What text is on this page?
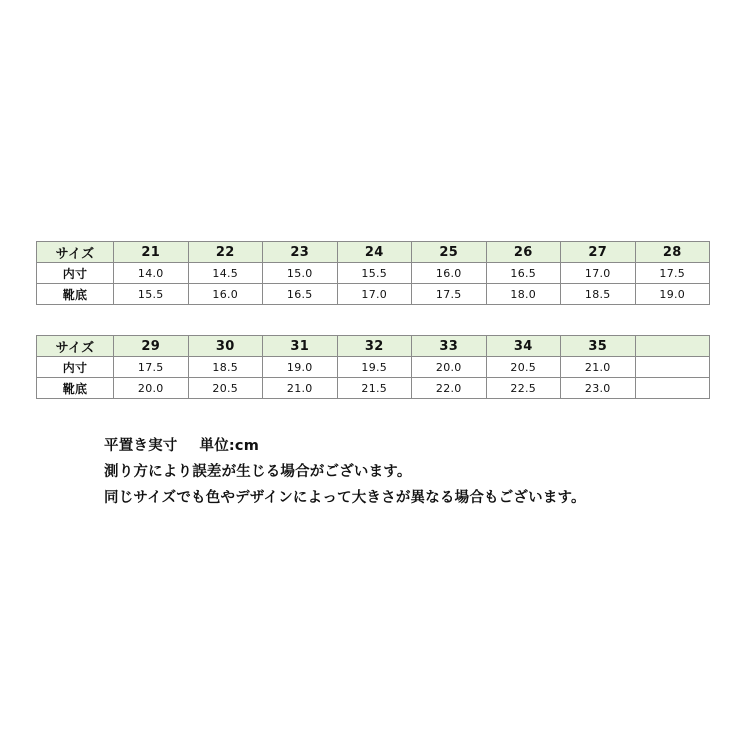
サイズ	21	22	23	24	25	26	27	28
内寸	14.0	14.5	15.0	15.5	16.0	16.5	17.0	17.5
靴底	15.5	16.0	16.5	17.0	17.5	18.0	18.5	19.0
サイズ	29	30	31	32	33	34	35	
内寸	17.5	18.5	19.0	19.5	20.0	20.5	21.0	
靴底	20.0	20.5	21.0	21.5	22.0	22.5	23.0	
平置き実寸 単位:cm
測り方により誤差が生じる場合がございます。
同じサイズでも色やデザインによって大きさが異なる場合もございます。
